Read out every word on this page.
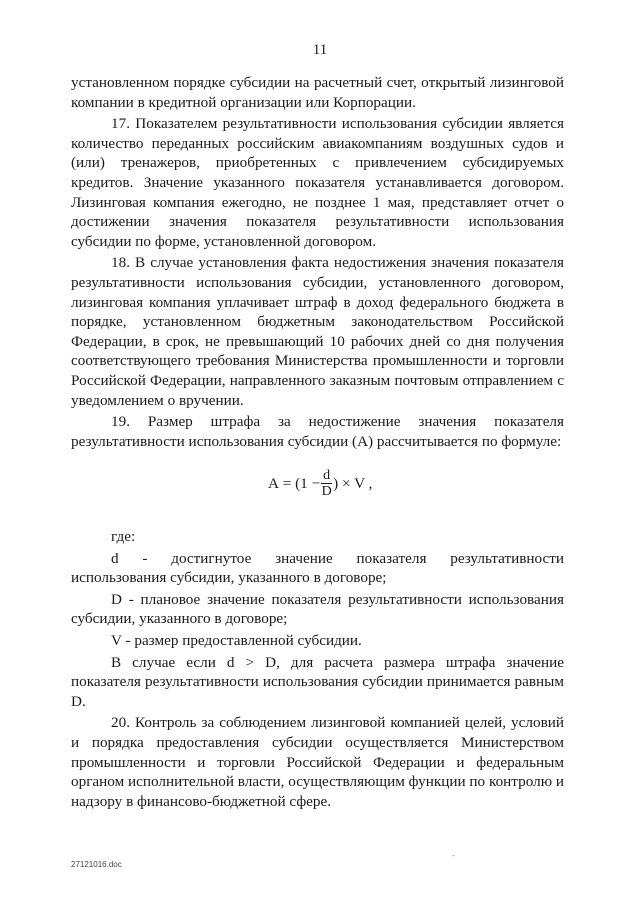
11

установленном порядке субсидии на расчетный счет, открытый лизинговой компании в кредитной организации или Корпорации.

17. Показателем результативности использования субсидии является количество переданных российским авиакомпаниям воздушных судов и (или) тренажеров, приобретенных с привлечением субсидируемых кредитов. Значение указанного показателя устанавливается договором. Лизинговая компания ежегодно, не позднее 1 мая, представляет отчет о достижении значения показателя результативности использования субсидии по форме, установленной договором.

18. В случае установления факта недостижения значения показателя результативности использования субсидии, установленного договором, лизинговая компания уплачивает штраф в доход федерального бюджета в порядке, установленном бюджетным законодательством Российской Федерации, в срок, не превышающий 10 рабочих дней со дня получения соответствующего требования Министерства промышленности и торговли Российской Федерации, направленного заказным почтовым отправлением с уведомлением о вручении.

19. Размер штрафа за недостижение значения показателя результативности использования субсидии (А) рассчитывается по формуле:

$А = (1 - \frac{d}{D}$ ) × V ,

где:

d - достигнутое значение показателя результативности

использования субсидии, указанного в договоре;

D - плановое значение показателя результативности использования субсидии, указанного в договоре;

V - размер предоставленной субсидии.

В случае если d > D, для расчета размера штрафа значение показателя результативности использования субсидии принимается равным D.

20. Контроль за соблюдением лизинговой компанией целей, условий и порядка предоставления субсидии осуществляется Министерством промышленности и торговли Российской Федерации и федеральным органом исполнительной власти, осуществляющим функции по контролю и надзору в финансово-бюджетной сфере.

-
27121016.doc
